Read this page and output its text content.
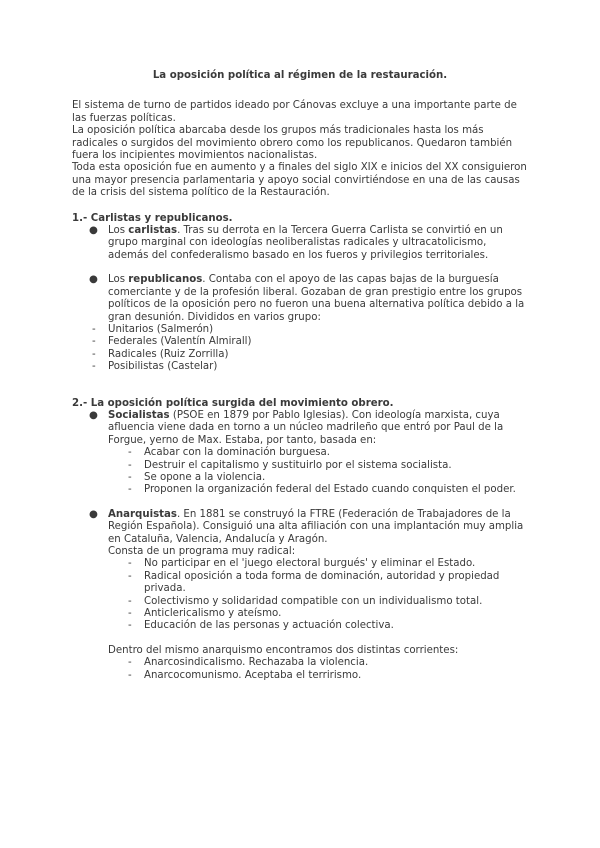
La oposición política al régimen de la restauración.

El sistema de turno de partidos ideado por Cánovas excluye a una importante parte de las fuerzas políticas.

La oposición política abarcaba desde los grupos más tradicionales hasta los más radicales o surgidos del movimiento obrero como los republicanos. Quedaron también fuera los incipientes movimientos nacionalistas.

Toda esta oposición fue en aumento y a finales del siglo XIX e inicios del XX consiguieron una mayor presencia parlamentaria y apoyo social convirtiéndose en una de las causas de la crisis del sistema político de la Restauración.

1.- Carlistas y republicanos.

● Los carlistas. Tras su derrota en la Tercera Guerra Carlista se convirtió en un grupo marginal con ideologías neoliberalistas radicales y ultracatolicismo, además del confederalismo basado en los fueros y privilegios territoriales.
● Los republicanos. Contaba con el apoyo de las capas bajas de la burguesía comerciante y de la profesión liberal. Gozaban de gran prestigio entre los grupos políticos de la oposición pero no fueron una buena alternativa política debido a la gran desunión. Divididos en varios grupo:
- Unitarios (Salmerón)
- Federales (Valentín Almirall)
- Radicales (Ruiz Zorrilla)
- Posibilistas (Castelar)

2.- La oposición política surgida del movimiento obrero.

● Socialistas (PSOE en 1879 por Pablo Iglesias). Con ideología marxista, cuya afluencia viene dada en torno a un núcleo madrileño que entró por Paul de la Forgue, yerno de Max. Estaba, por tanto, basada en:
- Acabar con la dominación burguesa.
- Destruir el capitalismo y sustituirlo por el sistema socialista.
- Se opone a la violencia.
- Proponen la organización federal del Estado cuando conquisten el poder.
● Anarquistas. En 1881 se construyó la FTRE (Federación de Trabajadores de la Región Española). Consiguió una alta afiliación con una implantación muy amplia en Cataluña, Valencia, Andalucía y Aragón.

Consta de un programa muy radical:

- No participar en el 'juego electoral burgués' y eliminar el Estado.
- Radical oposición a toda forma de dominación, autoridad y propiedad privada.
- Colectivismo y solidaridad compatible con un individualismo total.
- Anticlericalismo y ateísmo.
- Educación de las personas y actuación colectiva.

Dentro del mismo anarquismo encontramos dos distintas corrientes:

- Anarcosindicalismo. Rechazaba la violencia.
- Anarcocomunismo. Aceptaba el terrirismo.
